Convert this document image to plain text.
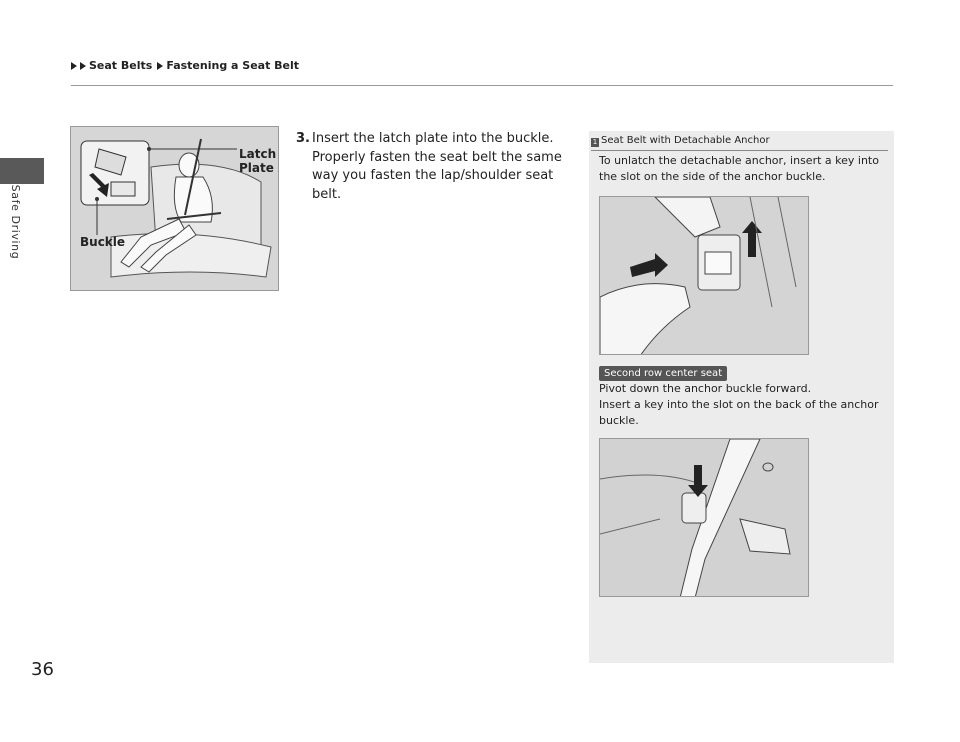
Safe Driving
36
Seat Belts Fastening a Seat Belt
Latch
Plate
Buckle
3. Insert the latch plate into the buckle. Properly fasten the seat belt the same way you fasten the lap/shoulder seat belt.
1 Seat Belt with Detachable Anchor
To unlatch the detachable anchor, insert a key into the slot on the side of the anchor buckle.
Pivot down the anchor buckle forward.
Insert a key into the slot on the back of the anchor buckle.
Second row center seat
